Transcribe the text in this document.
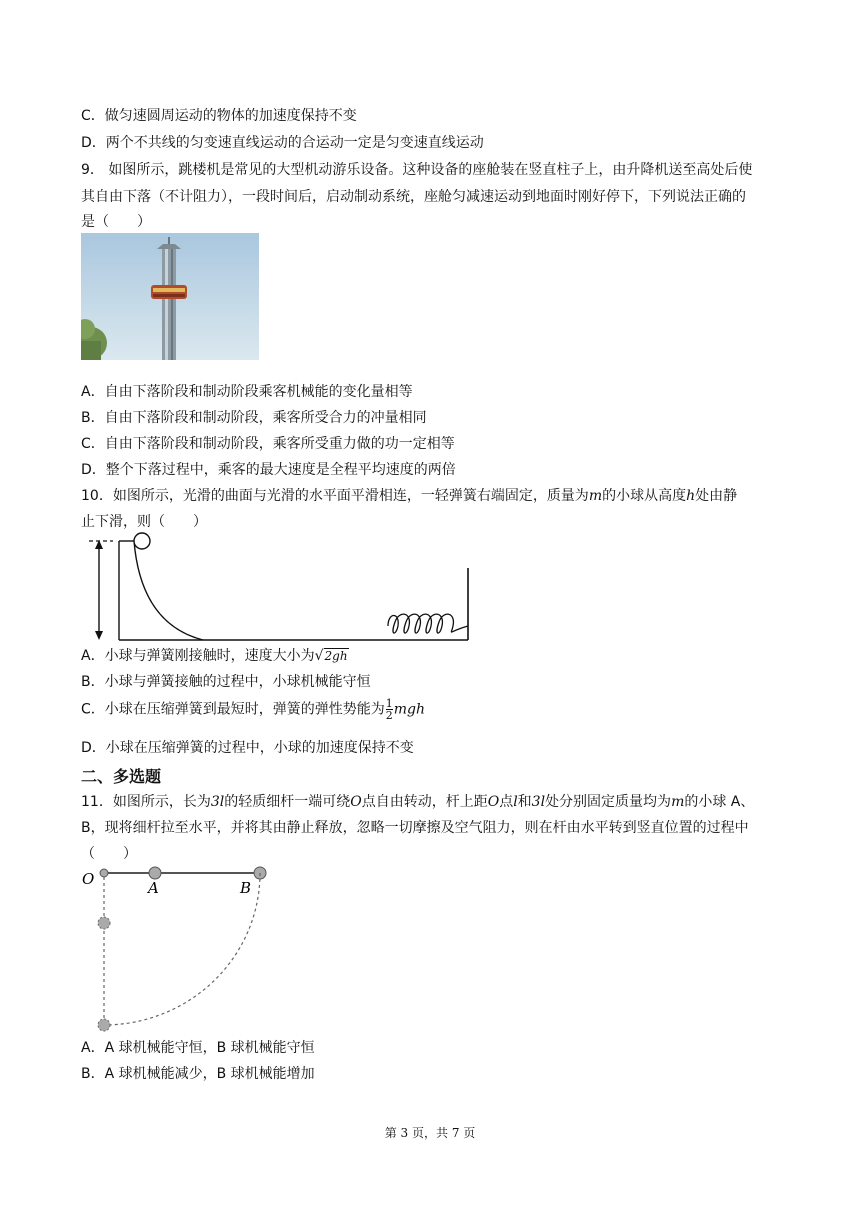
C．做匀速圆周运动的物体的加速度保持不变
D．两个不共线的匀变速直线运动的合运动一定是匀变速直线运动
9． 如图所示，跳楼机是常见的大型机动游乐设备。这种设备的座舱装在竖直柱子上，由升降机送至高处后使
其自由下落（不计阻力），一段时间后，启动制动系统，座舱匀减速运动到地面时刚好停下，下列说法正确的
是（　　）
A．自由下落阶段和制动阶段乘客机械能的变化量相等
B．自由下落阶段和制动阶段，乘客所受合力的冲量相同
C．自由下落阶段和制动阶段，乘客所受重力做的功一定相等
D．整个下落过程中，乘客的最大速度是全程平均速度的两倍
10．如图所示，光滑的曲面与光滑的水平面平滑相连，一轻弹簧右端固定，质量为m的小球从高度h处由静
止下滑，则（　　）
A．小球与弹簧刚接触时，速度大小为√2gh
B．小球与弹簧接触的过程中，小球机械能守恒
C．小球在压缩弹簧到最短时，弹簧的弹性势能为 $\frac{1}{2}$ mgh
D．小球在压缩弹簧的过程中，小球的加速度保持不变
二、多选题
11．如图所示，长为3l的轻质细杆一端可绕O点自由转动，杆上距O点l和3l处分别固定质量均为m的小球 A、
B，现将细杆拉至水平，并将其由静止释放，忽略一切摩擦及空气阻力，则在杆由水平转到竖直位置的过程中
（　　）
O	A	B
A．A 球机械能守恒，B 球机械能守恒
B．A 球机械能减少，B 球机械能增加
第 3 页，共 7 页
